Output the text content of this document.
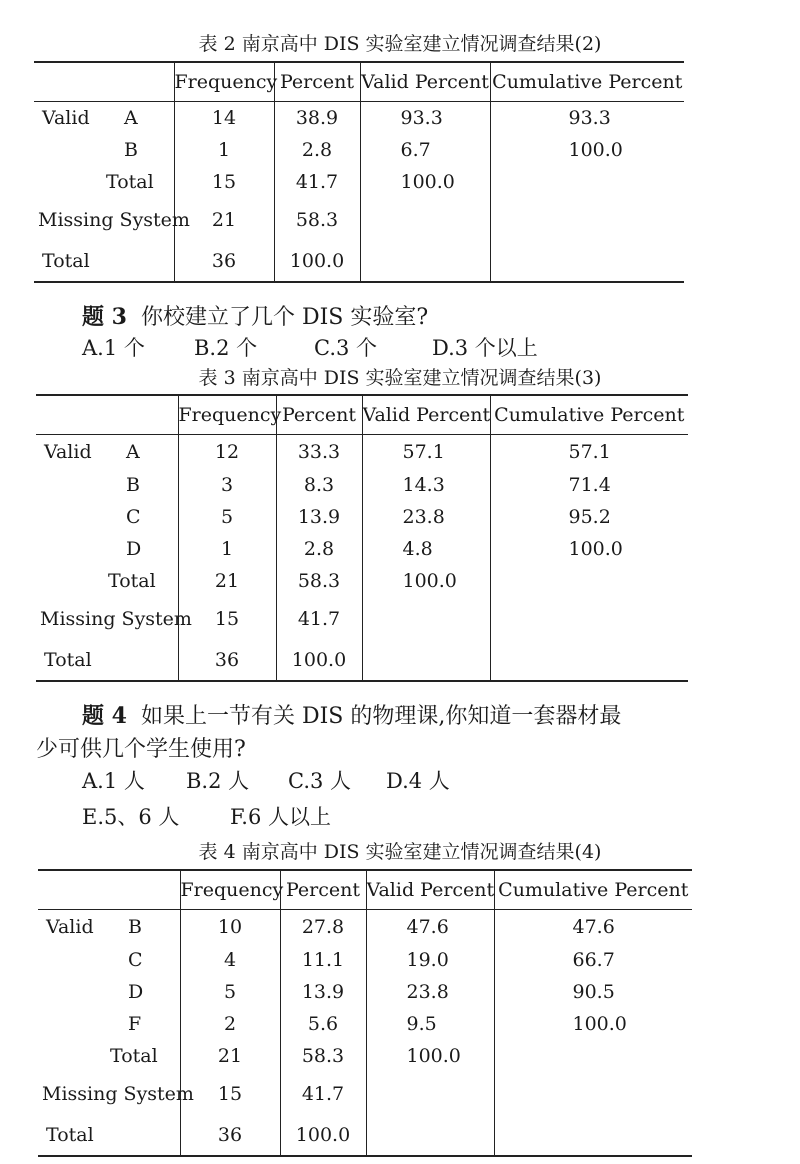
表 2 南京高中 DIS 实验室建立情况调查结果(2)
	Frequency	Percent	Valid Percent	Cumulative Percent

Valid A	14	38.9	93.3	93.3

B	1	2.8	6.7	100.0

Total	15	41.7	100.0	

Missing System	21	58.3		

Total	36	100.0		
题 3 你校建立了几个 DIS 实验室?
A.1 个 B.2 个	C.3 个	D.3 个以上
表 3 南京高中 DIS 实验室建立情况调查结果(3)
	Frequency	Percent	Valid Percent	Cumulative Percent

Valid A	12	33.3	57.1	57.1

B	3	8.3	14.3	71.4

C	5	13.9	23.8	95.2

D	1	2.8	4.8	100.0

Total	21	58.3	100.0	

Missing System	15	41.7		

Total	36	100.0		
题 4 如果上一节有关 DIS 的物理课,你知道一套器材最
少可供几个学生使用?
A.1 人 B.2 人 C.3 人 D.4 人
E.5、6 人 F.6 人以上
表 4 南京高中 DIS 实验室建立情况调查结果(4)
	Frequency	Percent	Valid Percent	Cumulative Percent

Valid B	10	27.8	47.6	47.6

C	4	11.1	19.0	66.7

D	5	13.9	23.8	90.5

F	2	5.6	9.5	100.0

Total	21	58.3	100.0	

Missing System	15	41.7		

Total	36	100.0		
